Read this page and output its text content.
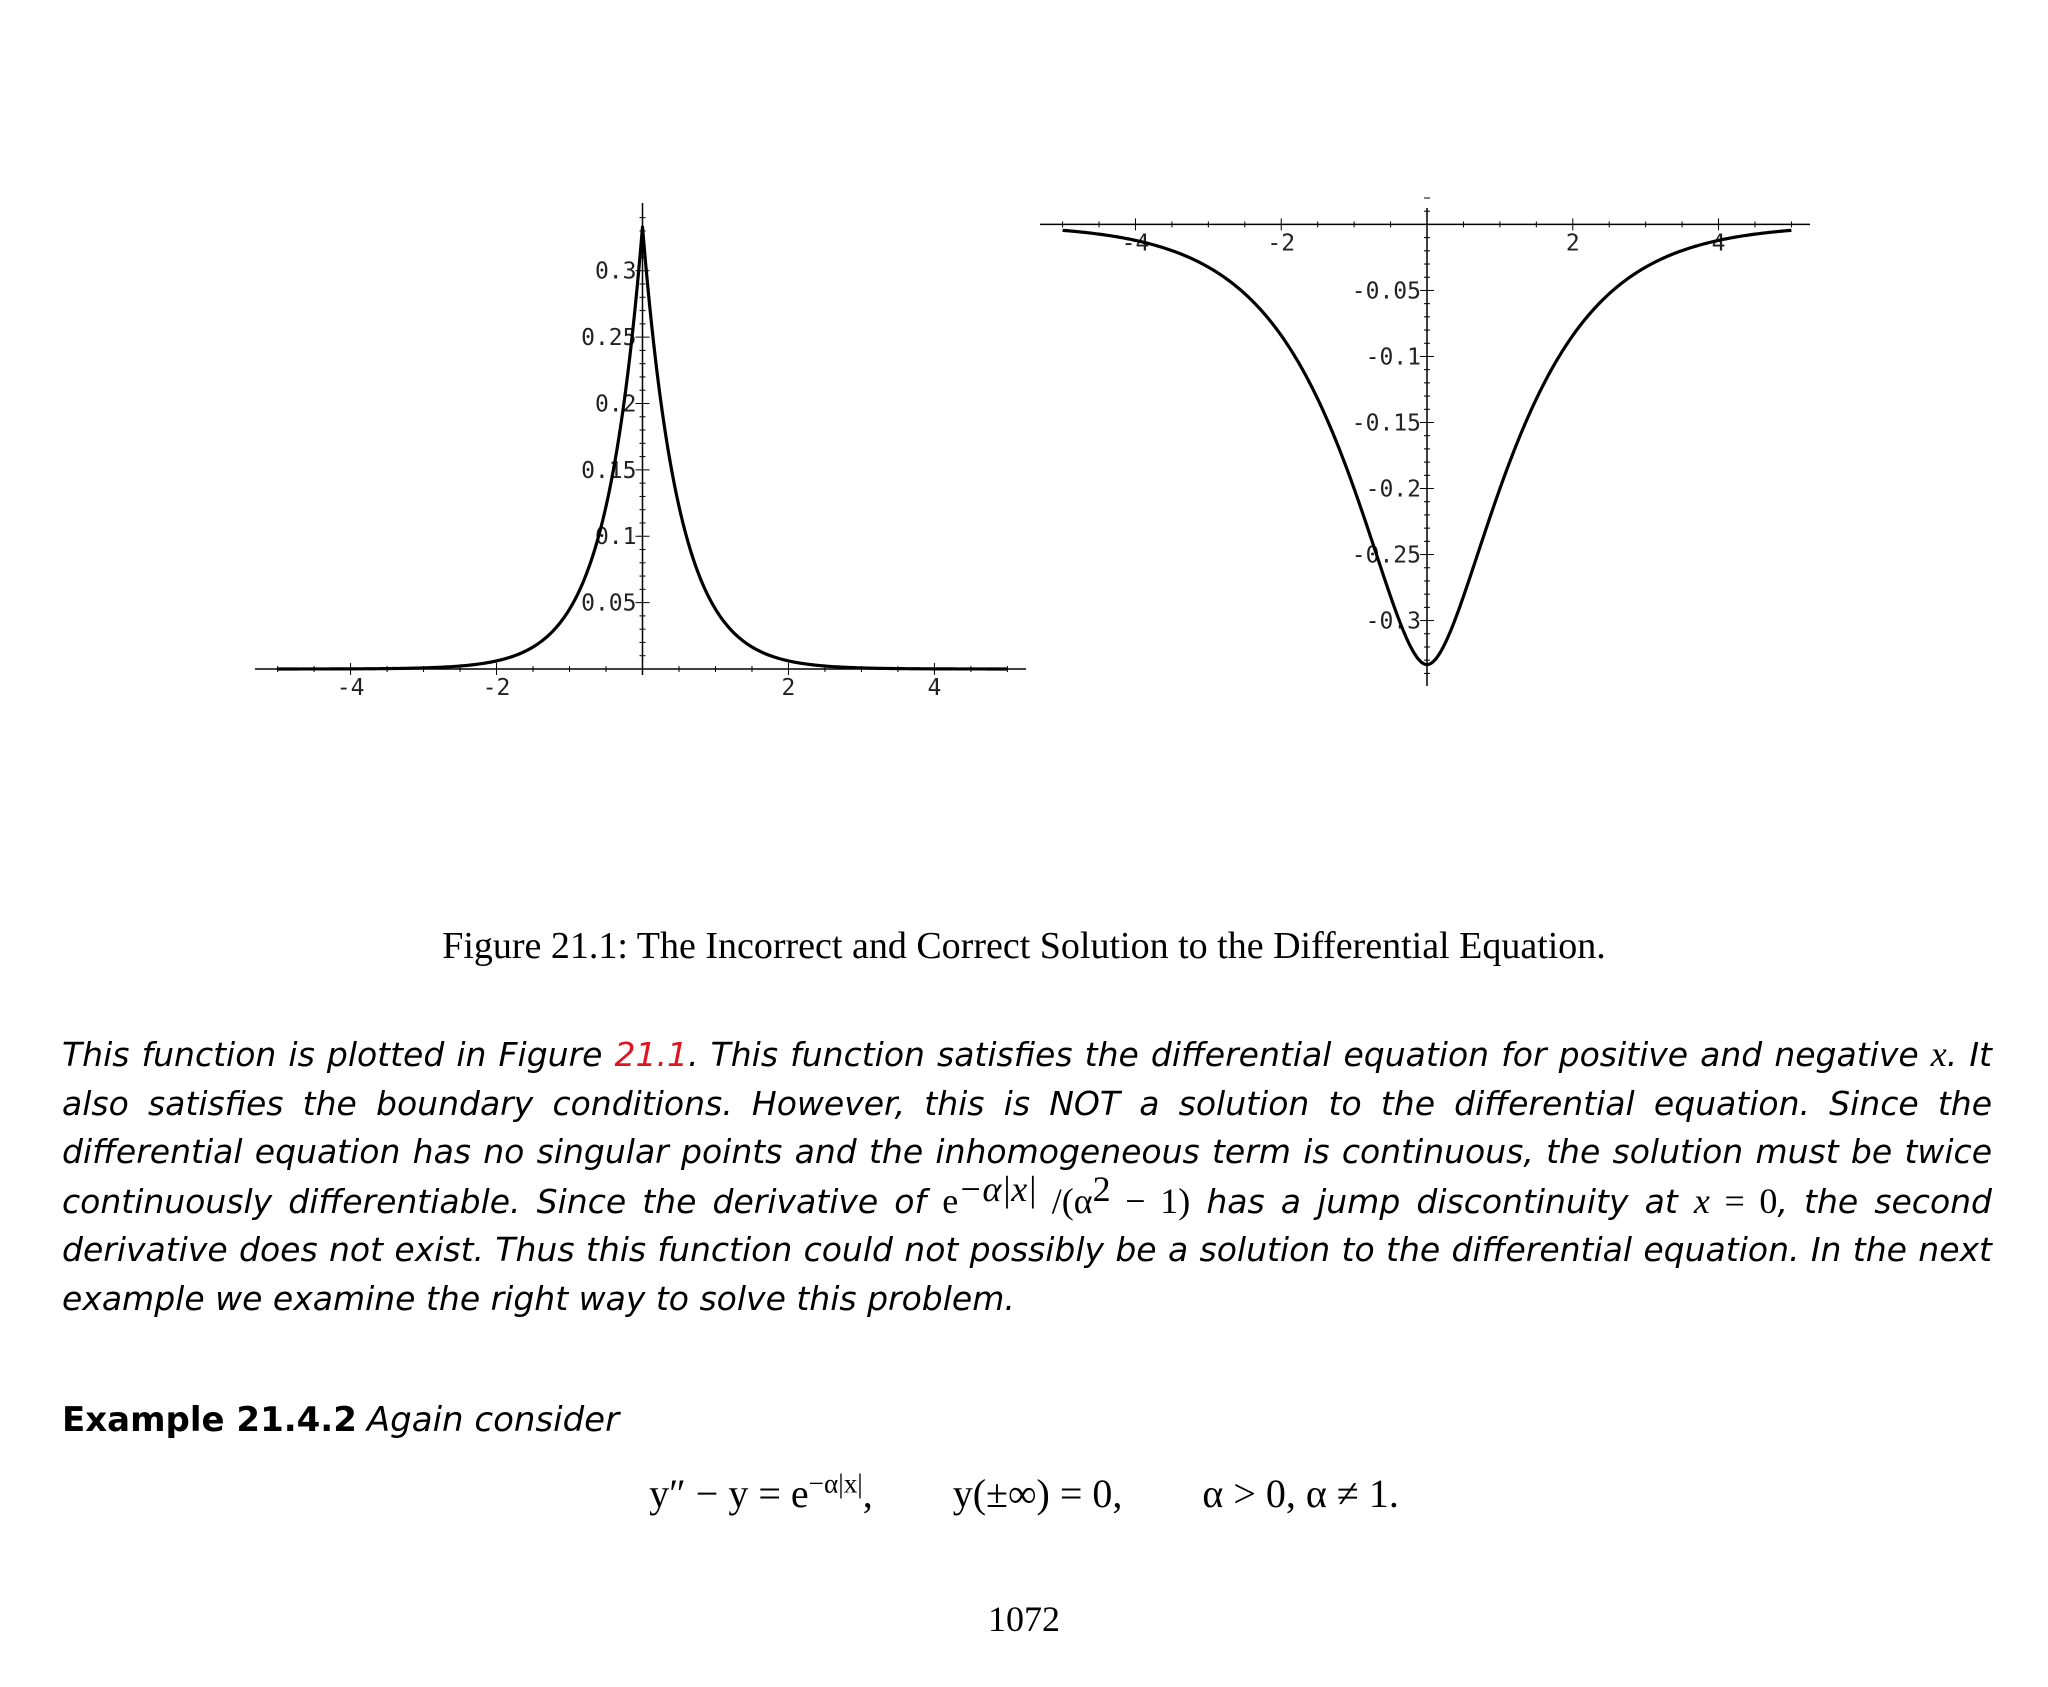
-4	-2	2	4
0.05
0.1
0.15
0.2
0.25
0.3
-4	-2	2	4
-0.05
-0.1
-0.15
-0.2
-0.25
-0.3
Figure 21.1: The Incorrect and Correct Solution to the Differential Equation.
This function is plotted in Figure 21.1. This function satisfies the differential equation for positive and negative x. It also satisfies the boundary conditions. However, this is NOT a solution to the differential equation. Since the differential equation has no singular points and the inhomogeneous term is continuous, the solution must be twice continuously differentiable. Since the derivative of $e^{-\alpha|x|}$ $/(\alpha^2 - 1)$ has a jump discontinuity at x = 0, the second derivative does not exist. Thus this function could not possibly be a solution to the differential equation. In the next example we examine the right way to solve this problem.
Example 21.4.2 Again consider
$y'' - y = e^{-\alpha|x|}$, y(±∞) = 0, α > 0, α ≠ 1.
1072
